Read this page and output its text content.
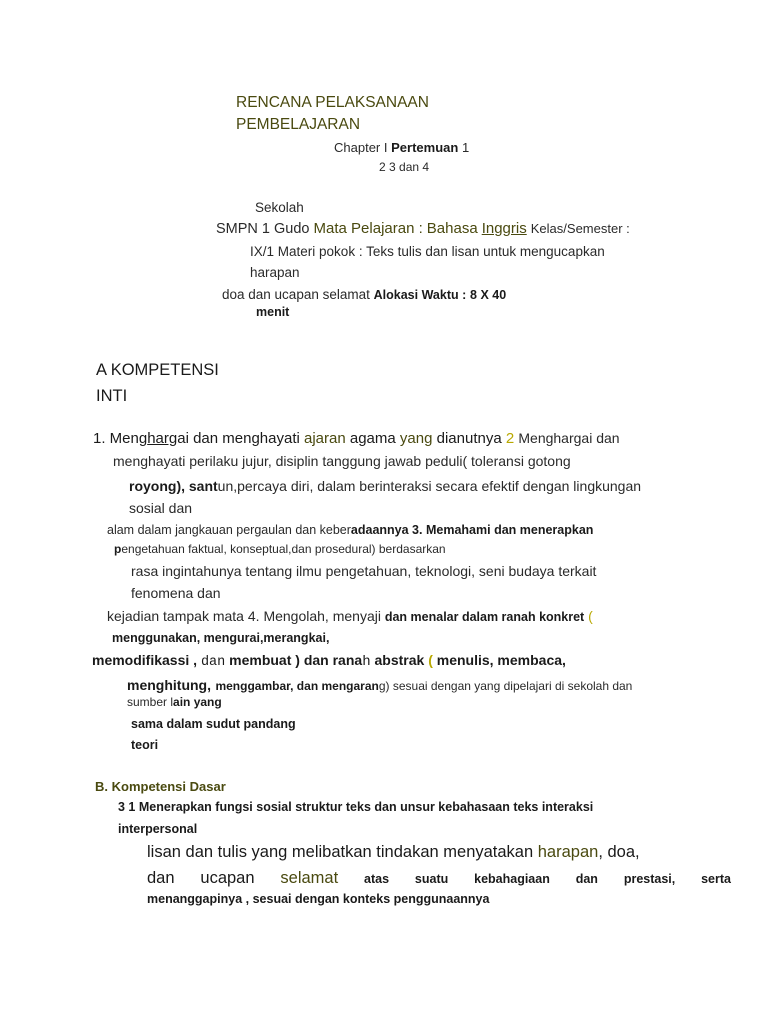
RENCANA PELAKSANAAN
PEMBELAJARAN
Chapter I Pertemuan 1
2 3 dan 4
Sekolah
SMPN 1 Gudo Mata Pelajaran : Bahasa Inggris Kelas/Semester :
IX/1 Materi pokok : Teks tulis dan lisan untuk mengucapkan
harapan
doa dan ucapan selamat Alokasi Waktu : 8 X 40
menit
A KOMPETENSI
INTI
1. Menghargai dan menghayati ajaran agama yang dianutnya 2 Menghargai dan
menghayati perilaku jujur, disiplin tanggung jawab peduli( toleransi gotong
royong), santun,percaya diri, dalam berinteraksi secara efektif dengan lingkungan
sosial dan
alam dalam jangkauan pergaulan dan keberadaannya 3. Memahami dan menerapkan
pengetahuan faktual, konseptual,dan prosedural) berdasarkan
rasa ingintahunya tentang ilmu pengetahuan, teknologi, seni budaya terkait
fenomena dan
kejadian tampak mata 4. Mengolah, menyaji dan menalar dalam ranah konkret (
menggunakan, mengurai,merangkai,
memodifikassi , dan membuat ) dan ranah abstrak ( menulis, membaca,
menghitung, menggambar, dan mengarang) sesuai dengan yang dipelajari di sekolah dan
sumber lain yang
sama dalam sudut pandang
teori
B. Kompetensi Dasar
3 1 Menerapkan fungsi sosial struktur teks dan unsur kebahasaan teks interaksi
interpersonal
lisan dan tulis yang melibatkan tindakan menyatakan harapan, doa,
dan ucapan selamat atas suatu kebahagiaan dan prestasi, serta
menanggapinya , sesuai dengan konteks penggunaannya
